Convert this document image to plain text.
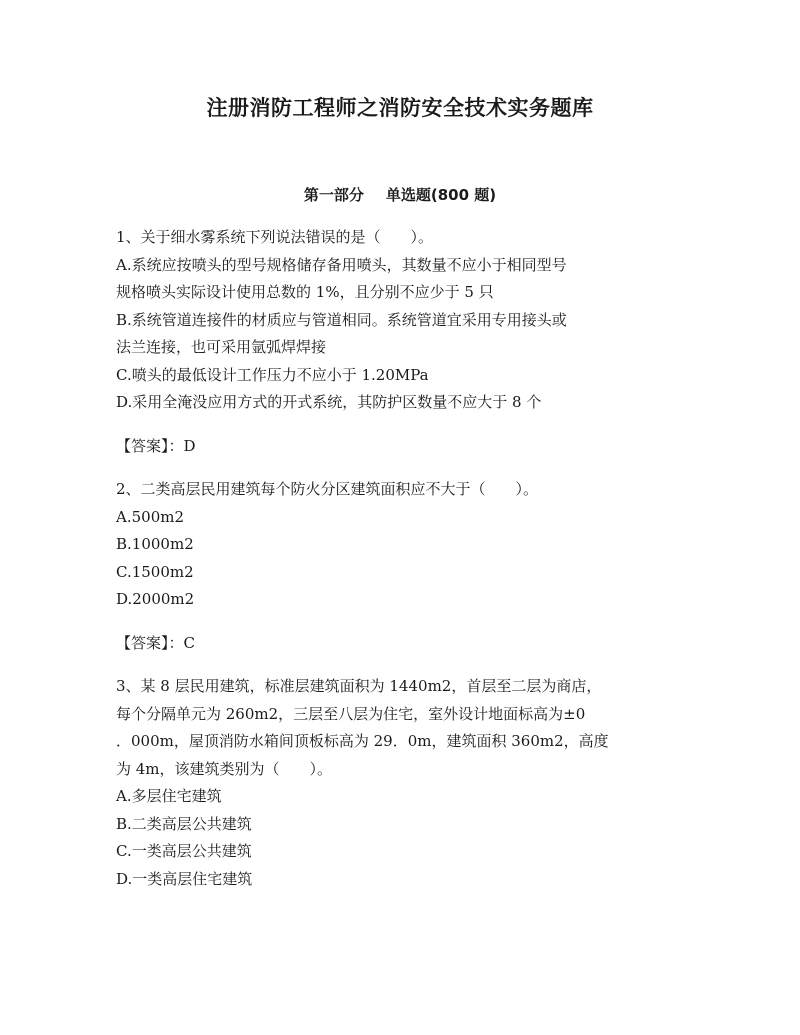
注册消防工程师之消防安全技术实务题库
第一部分 单选题(800 题)
1、关于细水雾系统下列说法错误的是（　　）。
A.系统应按喷头的型号规格储存备用喷头，其数量不应小于相同型号
规格喷头实际设计使用总数的 1%，且分别不应少于 5 只
B.系统管道连接件的材质应与管道相同。系统管道宜采用专用接头或
法兰连接，也可采用氩弧焊焊接
C.喷头的最低设计工作压力不应小于 1.20MPa
D.采用全淹没应用方式的开式系统，其防护区数量不应大于 8 个
【答案】：D
2、二类高层民用建筑每个防火分区建筑面积应不大于（　　）。
A.500m2
B.1000m2
C.1500m2
D.2000m2
【答案】：C
3、某 8 层民用建筑，标准层建筑面积为 1440m2，首层至二层为商店，
每个分隔单元为 260m2，三层至八层为住宅，室外设计地面标高为±0
．000m，屋顶消防水箱间顶板标高为 29．0m，建筑面积 360m2，高度
为 4m，该建筑类别为（　　）。
A.多层住宅建筑
B.二类高层公共建筑
C.一类高层公共建筑
D.一类高层住宅建筑
